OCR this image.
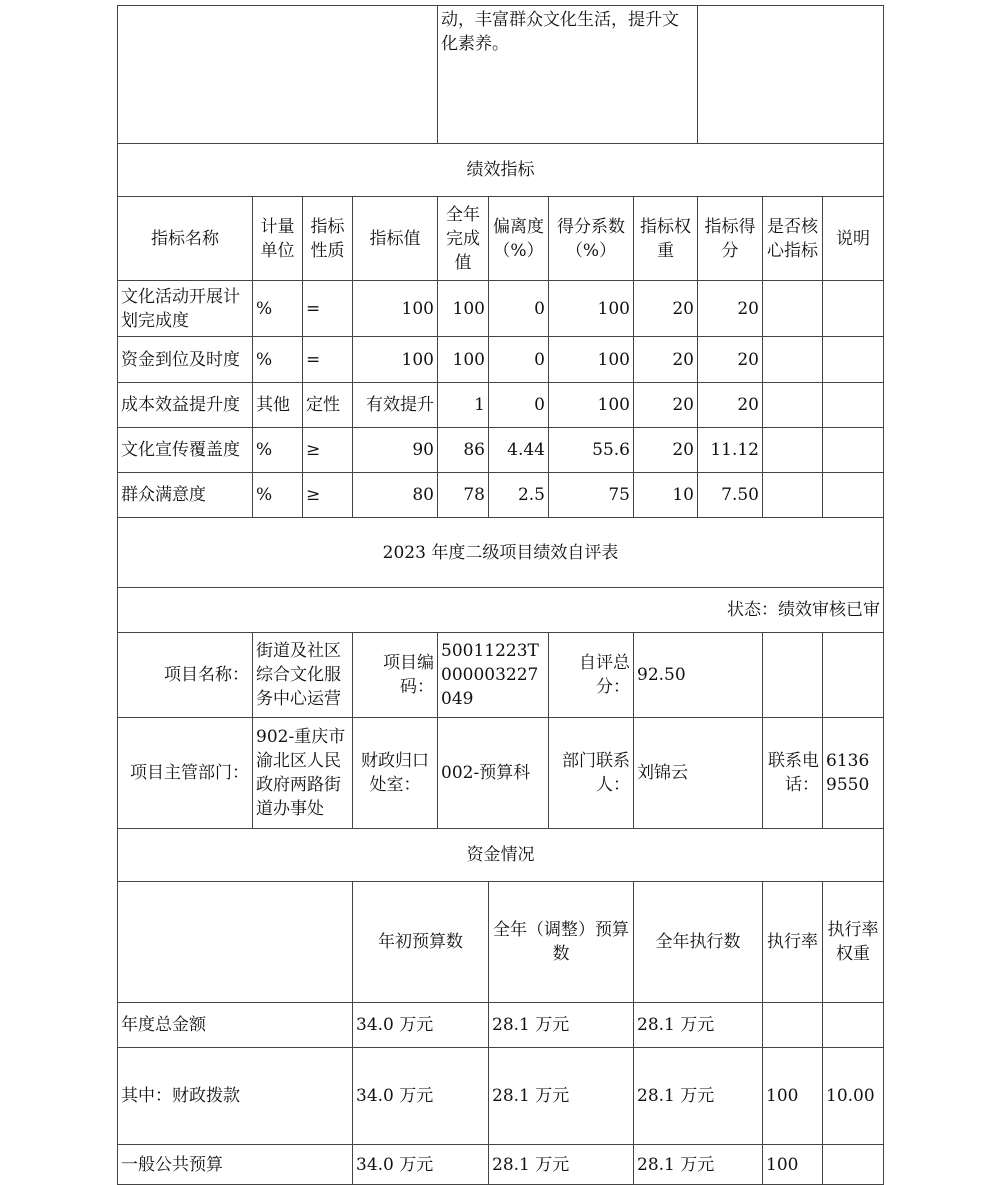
				动，丰富群众文化生活，提升文化素养。							
绩效指标											
指标名称	计量单位	指标性质	指标值	全年完成值	偏离度（%）	得分系数（%）	指标权重	指标得分	是否核心指标	说明	
文化活动开展计划完成度	%	=	100	100	0	100	20	20			
资金到位及时度	%	=	100	100	0	100	20	20			
成本效益提升度	其他	定性	有效提升	1	0	100	20	20			
文化宣传覆盖度	%	≥	90	86	4.44	55.6	20	11.12			
群众满意度	%	≥	80	78	2.5	75	10	7.50			
2023 年度二级项目绩效自评表											
状态：绩效审核已审											
项目名称：	街道及社区综合文化服务中心运营		项目编码：	50011223T000003227049		自评总分：	92.50				
项目主管部门：	902-重庆市渝北区人民政府两路街道办事处		财政归口处室：	002-预算科		部门联系人：	刘锦云		联系电话：	61369550	
资金情况											
			年初预算数		全年（调整）预算数		全年执行数		执行率	执行率权重	
年度总金额			34.0 万元		28.1 万元		28.1 万元				
其中：财政拨款			34.0 万元		28.1 万元		28.1 万元		100	10.00	
一般公共预算			34.0 万元		28.1 万元		28.1 万元		100		
